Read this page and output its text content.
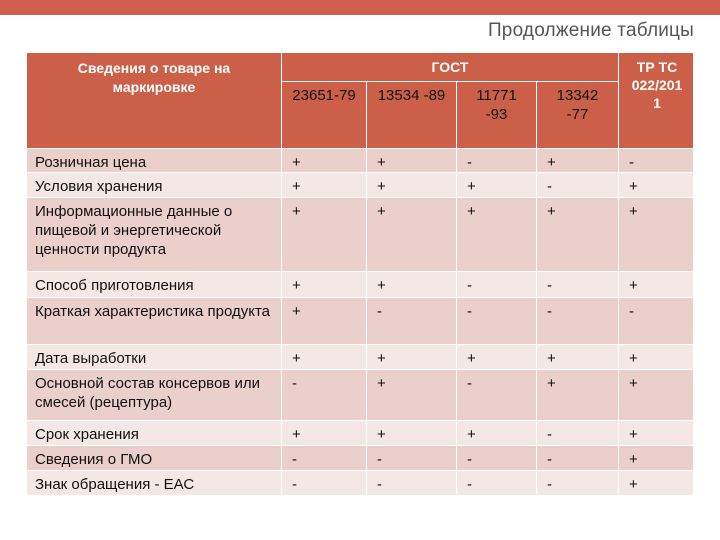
Продолжение таблицы
Сведения о товаре на маркировке	ГОСТ				ТР ТС 022/201 1
	23651-79	13534 -89	11771 -93	13342 -77	
Розничная цена	+	+	-	+	-
Условия хранения	+	+	+	-	+
Информационные данные о пищевой и энергетической ценности продукта	+	+	+	+	+
Способ приготовления	+	+	-	-	+
Краткая характеристика продукта	+	-	-	-	-
Дата выработки	+	+	+	+	+
Основной состав консервов или смесей (рецептура)	-	+	-	+	+
Срок хранения	+	+	+	-	+
Сведения о ГМО	-	-	-	-	+
Знак обращения - ЕАС	-	-	-	-	+
